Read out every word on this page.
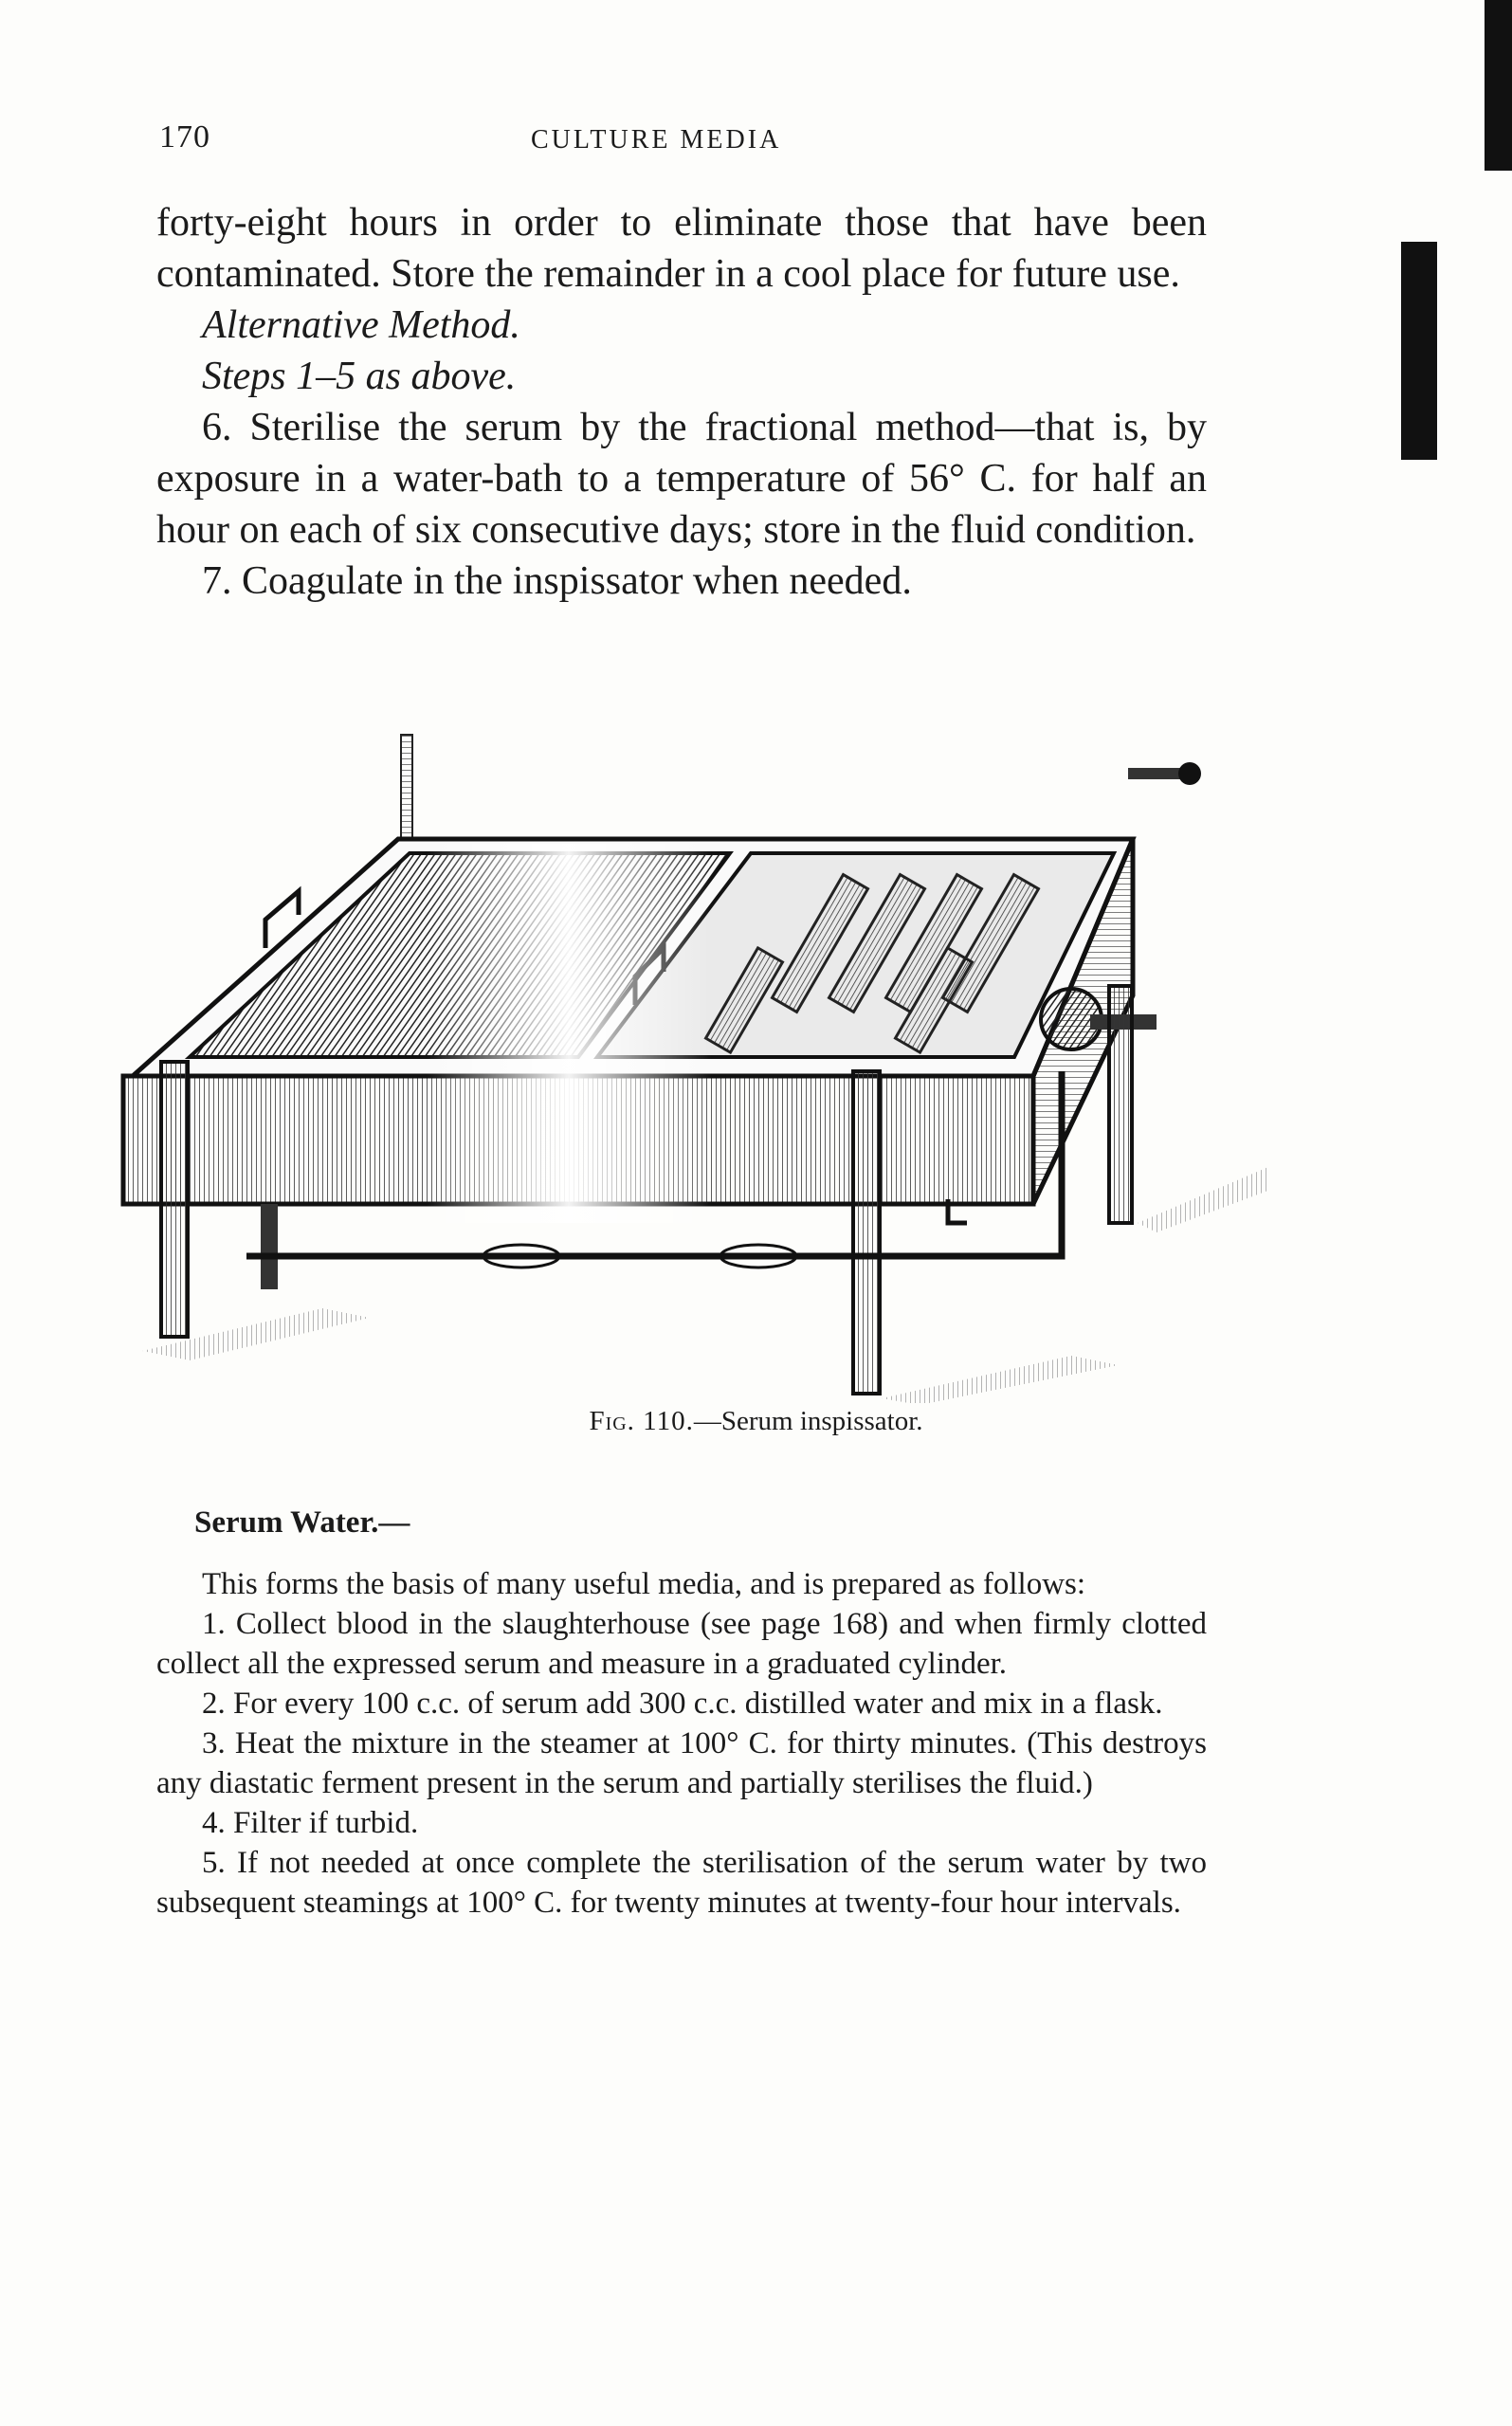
170	CULTURE MEDIA

forty-eight hours in order to eliminate those that have been contaminated. Store the remainder in a cool place for future use.

Alternative Method.

Steps 1–5 as above.

6. Sterilise the serum by the fractional method—that is, by exposure in a water-bath to a temperature of 56° C. for half an hour on each of six consecutive days; store in the fluid condition.

7. Coagulate in the inspissator when needed.

Fig. 110.—Serum inspissator.
Serum Water.—

This forms the basis of many useful media, and is prepared as follows:

1. Collect blood in the slaughterhouse (see page 168) and when firmly clotted collect all the expressed serum and measure in a graduated cylinder.

2. For every 100 c.c. of serum add 300 c.c. distilled water and mix in a flask.

3. Heat the mixture in the steamer at 100° C. for thirty minutes. (This destroys any diastatic ferment present in the serum and partially sterilises the fluid.)

4. Filter if turbid.

5. If not needed at once complete the sterilisation of the serum water by two subsequent steamings at 100° C. for twenty minutes at twenty-four hour intervals.
